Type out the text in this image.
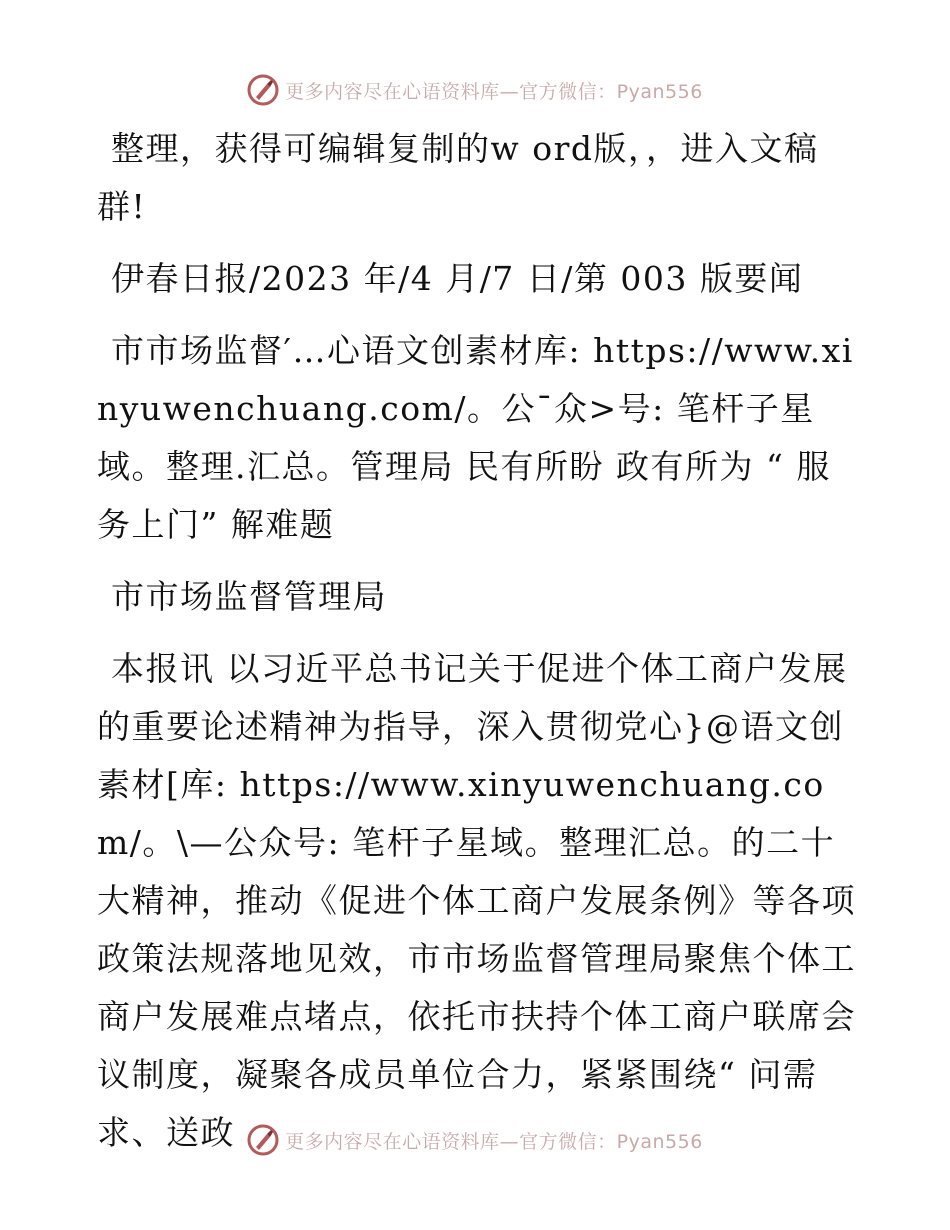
更多内容尽在心语资料库—官方微信：Pyan556

整理，获得可编辑复制的w ord版，，进入文稿群!

伊春日报/2023 年/4 月/7 日/第 003 版要闻

市市场监督′…心语文创素材库: https://www.xinyuwenchuang.com/。公¯众>号: 笔杆子星域。整理.汇总。管理局 民有所盼 政有所为 “ 服务上门” 解难题

市市场监督管理局

本报讯 以习近平总书记关于促进个体工商户发展的重要论述精神为指导，深入贯彻党心}@语文创素材[库: https://www.xinyuwenchuang.com/。\—公众号: 笔杆子星域。整理汇总。的二十大精神，推动《促进个体工商户发展条例》等各项政策法规落地见效，市市场监督管理局聚焦个体工商户发展难点堵点，依托市扶持个体工商户联席会议制度，凝聚各成员单位合力，紧紧围绕“ 问需求、送政	更多内容尽在心语资料库—官方微信：Pyan556
